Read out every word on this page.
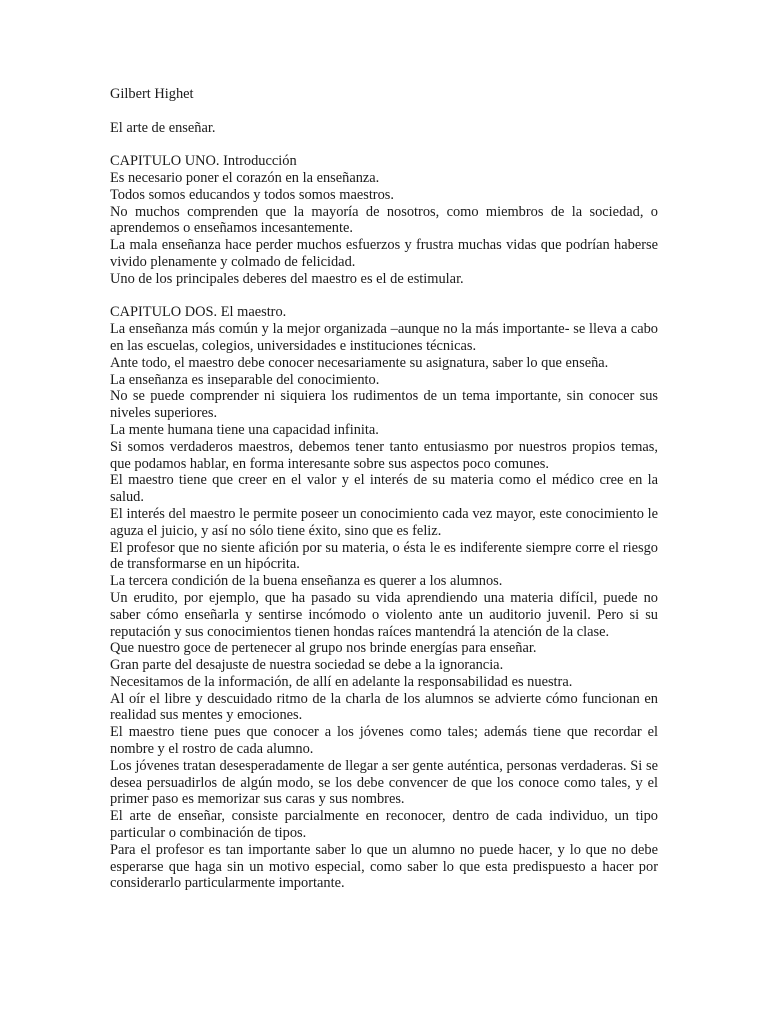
Gilbert Highet

El arte de enseñar.

CAPITULO UNO. Introducción

Es necesario poner el corazón en la enseñanza.

Todos somos educandos y todos somos maestros.

No muchos comprenden que la mayoría de nosotros, como miembros de la sociedad, o aprendemos o enseñamos incesantemente.

La mala enseñanza hace perder muchos esfuerzos y frustra muchas vidas que podrían haberse vivido plenamente y colmado de felicidad.

Uno de los principales deberes del maestro es el de estimular.

CAPITULO DOS. El maestro.

La enseñanza más común y la mejor organizada –aunque no la más importante- se lleva a cabo en las escuelas, colegios, universidades e instituciones técnicas.

Ante todo, el maestro debe conocer necesariamente su asignatura, saber lo que enseña.

La enseñanza es inseparable del conocimiento.

No se puede comprender ni siquiera los rudimentos de un tema importante, sin conocer sus niveles superiores.

La mente humana tiene una capacidad infinita.

Si somos verdaderos maestros, debemos tener tanto entusiasmo por nuestros propios temas, que podamos hablar, en forma interesante sobre sus aspectos poco comunes.

El maestro tiene que creer en el valor y el interés de su materia como el médico cree en la salud.

El interés del maestro le permite poseer un conocimiento cada vez mayor, este conocimiento le aguza el juicio, y así no sólo tiene éxito, sino que es feliz.

El profesor que no siente afición por su materia, o ésta le es indiferente siempre corre el riesgo de transformarse en un hipócrita.

La tercera condición de la buena enseñanza es querer a los alumnos.

Un erudito, por ejemplo, que ha pasado su vida aprendiendo una materia difícil, puede no saber cómo enseñarla y sentirse incómodo o violento ante un auditorio juvenil. Pero si su reputación y sus conocimientos tienen hondas raíces mantendrá la atención de la clase.

Que nuestro goce de pertenecer al grupo nos brinde energías para enseñar.

Gran parte del desajuste de nuestra sociedad se debe a la ignorancia.

Necesitamos de la información, de allí en adelante la responsabilidad es nuestra.

Al oír el libre y descuidado ritmo de la charla de los alumnos se advierte cómo funcionan en realidad sus mentes y emociones.

El maestro tiene pues que conocer a los jóvenes como tales; además tiene que recordar el nombre y el rostro de cada alumno.

Los jóvenes tratan desesperadamente de llegar a ser gente auténtica, personas verdaderas. Si se desea persuadirlos de algún modo, se los debe convencer de que los conoce como tales, y el primer paso es memorizar sus caras y sus nombres.

El arte de enseñar, consiste parcialmente en reconocer, dentro de cada individuo, un tipo particular o combinación de tipos.

Para el profesor es tan importante saber lo que un alumno no puede hacer, y lo que no debe esperarse que haga sin un motivo especial, como saber lo que esta predispuesto a hacer por considerarlo particularmente importante.
